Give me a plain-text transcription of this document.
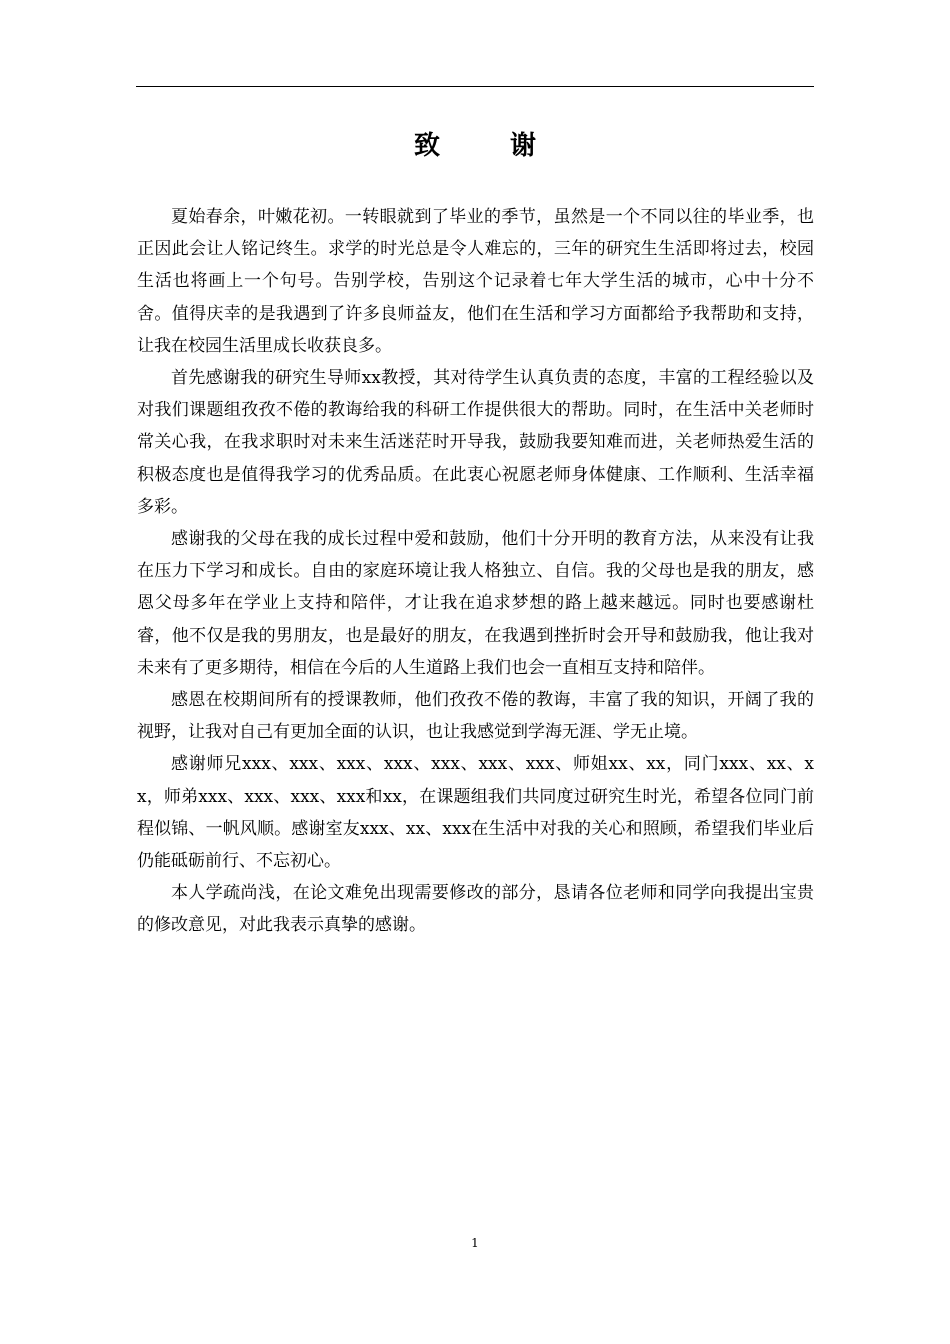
致　谢

夏始春余，叶嫩花初。一转眼就到了毕业的季节，虽然是一个不同以往的毕业季，也正因此会让人铭记终生。求学的时光总是令人难忘的，三年的研究生生活即将过去，校园生活也将画上一个句号。告别学校，告别这个记录着七年大学生活的城市，心中十分不舍。值得庆幸的是我遇到了许多良师益友，他们在生活和学习方面都给予我帮助和支持，让我在校园生活里成长收获良多。

首先感谢我的研究生导师xx教授，其对待学生认真负责的态度，丰富的工程经验以及对我们课题组孜孜不倦的教诲给我的科研工作提供很大的帮助。同时，在生活中关老师时常关心我，在我求职时对未来生活迷茫时开导我，鼓励我要知难而进，关老师热爱生活的积极态度也是值得我学习的优秀品质。在此衷心祝愿老师身体健康、工作顺利、生活幸福多彩。

感谢我的父母在我的成长过程中爱和鼓励，他们十分开明的教育方法，从来没有让我在压力下学习和成长。自由的家庭环境让我人格独立、自信。我的父母也是我的朋友，感恩父母多年在学业上支持和陪伴，才让我在追求梦想的路上越来越远。同时也要感谢杜睿，他不仅是我的男朋友，也是最好的朋友，在我遇到挫折时会开导和鼓励我，他让我对未来有了更多期待，相信在今后的人生道路上我们也会一直相互支持和陪伴。

感恩在校期间所有的授课教师，他们孜孜不倦的教诲，丰富了我的知识，开阔了我的视野，让我对自己有更加全面的认识，也让我感觉到学海无涯、学无止境。

感谢师兄xxx、xxx、xxx、xxx、xxx、xxx、xxx、师姐xx、xx，同门xxx、xx、xx，师弟xxx、xxx、xxx、xxx和xx，在课题组我们共同度过研究生时光，希望各位同门前程似锦、一帆风顺。感谢室友xxx、xx、xxx在生活中对我的关心和照顾，希望我们毕业后仍能砥砺前行、不忘初心。

本人学疏尚浅，在论文难免出现需要修改的部分，恳请各位老师和同学向我提出宝贵的修改意见，对此我表示真挚的感谢。

1
